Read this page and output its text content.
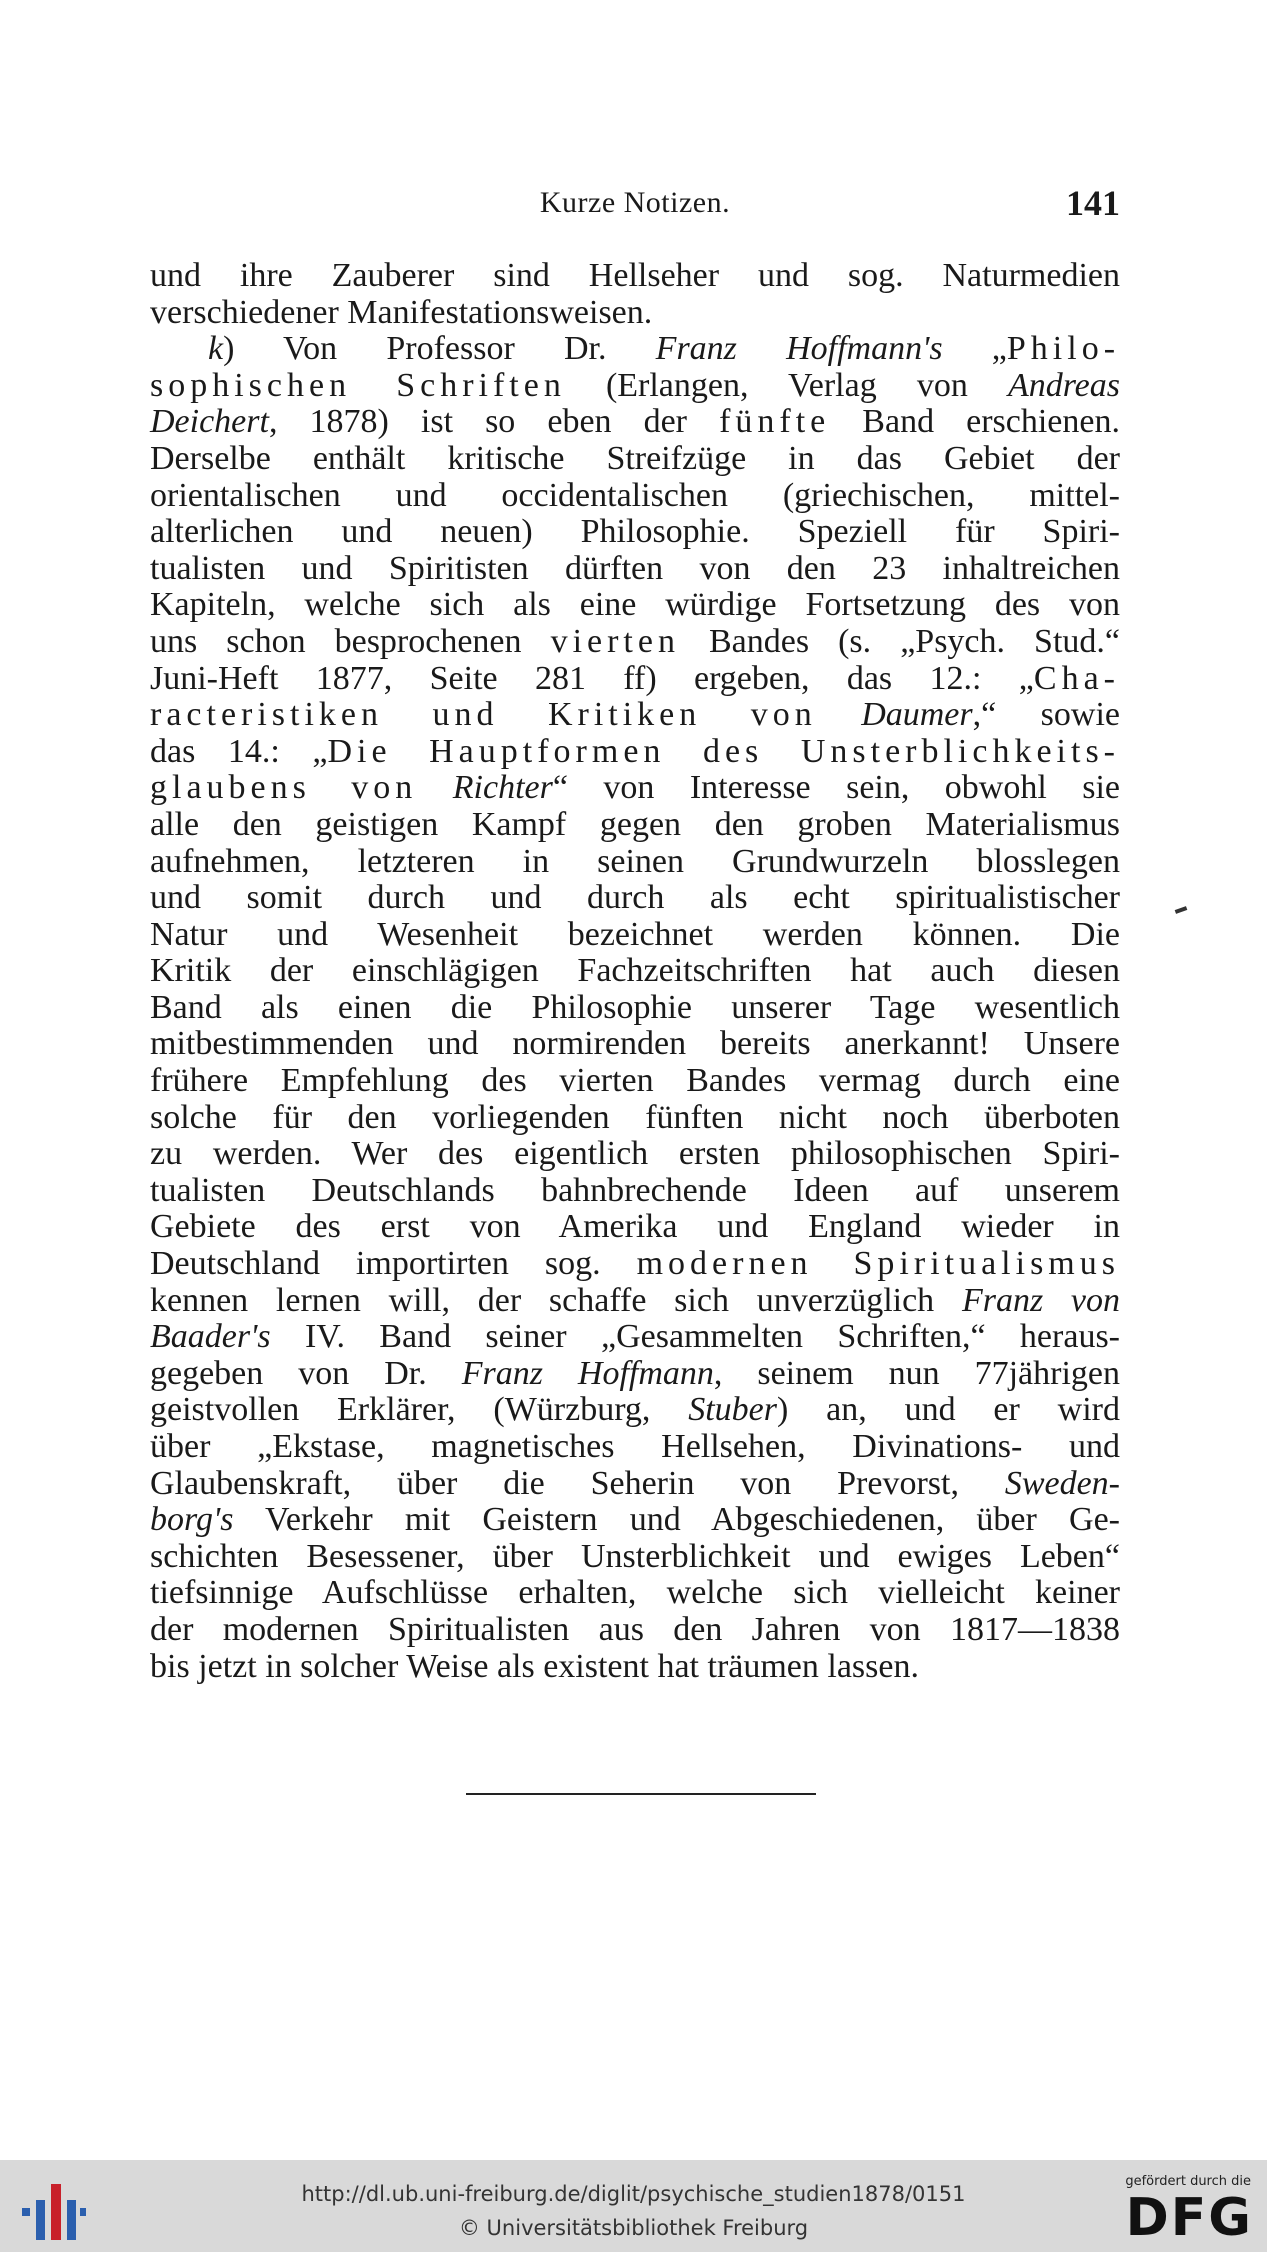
Kurze Notizen.	141
und ihre Zauberer sind Hellseher und sog. Naturmedien
verschiedener Manifestationsweisen.
k) Von Professor Dr. Franz Hoffmann's „Philo-
sophischen Schriften (Erlangen, Verlag von Andreas
Deichert, 1878) ist so eben der fünfte Band erschienen.
Derselbe enthält kritische Streifzüge in das Gebiet der
orientalischen und occidentalischen (griechischen, mittel-
alterlichen und neuen) Philosophie. Speziell für Spiri-
tualisten und Spiritisten dürften von den 23 inhaltreichen
Kapiteln, welche sich als eine würdige Fortsetzung des von
uns schon besprochenen vierten Bandes (s. „Psych. Stud.“
Juni-Heft 1877, Seite 281 ff) ergeben, das 12.: „Cha-
racteristiken und Kritiken von Daumer,“ sowie
das 14.: „Die Hauptformen des Unsterblichkeits-
glaubens von Richter“ von Interesse sein, obwohl sie
alle den geistigen Kampf gegen den groben Materialismus
aufnehmen, letzteren in seinen Grundwurzeln blosslegen
und somit durch und durch als echt spiritualistischer
Natur und Wesenheit bezeichnet werden können. Die
Kritik der einschlägigen Fachzeitschriften hat auch diesen
Band als einen die Philosophie unserer Tage wesentlich
mitbestimmenden und normirenden bereits anerkannt! Unsere
frühere Empfehlung des vierten Bandes vermag durch eine
solche für den vorliegenden fünften nicht noch überboten
zu werden. Wer des eigentlich ersten philosophischen Spiri-
tualisten Deutschlands bahnbrechende Ideen auf unserem
Gebiete des erst von Amerika und England wieder in
Deutschland importirten sog. modernen Spiritualismus
kennen lernen will, der schaffe sich unverzüglich Franz von
Baader's IV. Band seiner „Gesammelten Schriften,“ heraus-
gegeben von Dr. Franz Hoffmann, seinem nun 77jährigen
geistvollen Erklärer, (Würzburg, Stuber) an, und er wird
über „Ekstase, magnetisches Hellsehen, Divinations- und
Glaubenskraft, über die Seherin von Prevorst, Sweden-
borg's Verkehr mit Geistern und Abgeschiedenen, über Ge-
schichten Besessener, über Unsterblichkeit und ewiges Leben“
tiefsinnige Aufschlüsse erhalten, welche sich vielleicht keiner
der modernen Spiritualisten aus den Jahren von 1817—1838
bis jetzt in solcher Weise als existent hat träumen lassen.
http://dl.ub.uni-freiburg.de/diglit/psychische_studien1878/0151
© Universitätsbibliothek Freiburg
gefördert durch die
DFG
